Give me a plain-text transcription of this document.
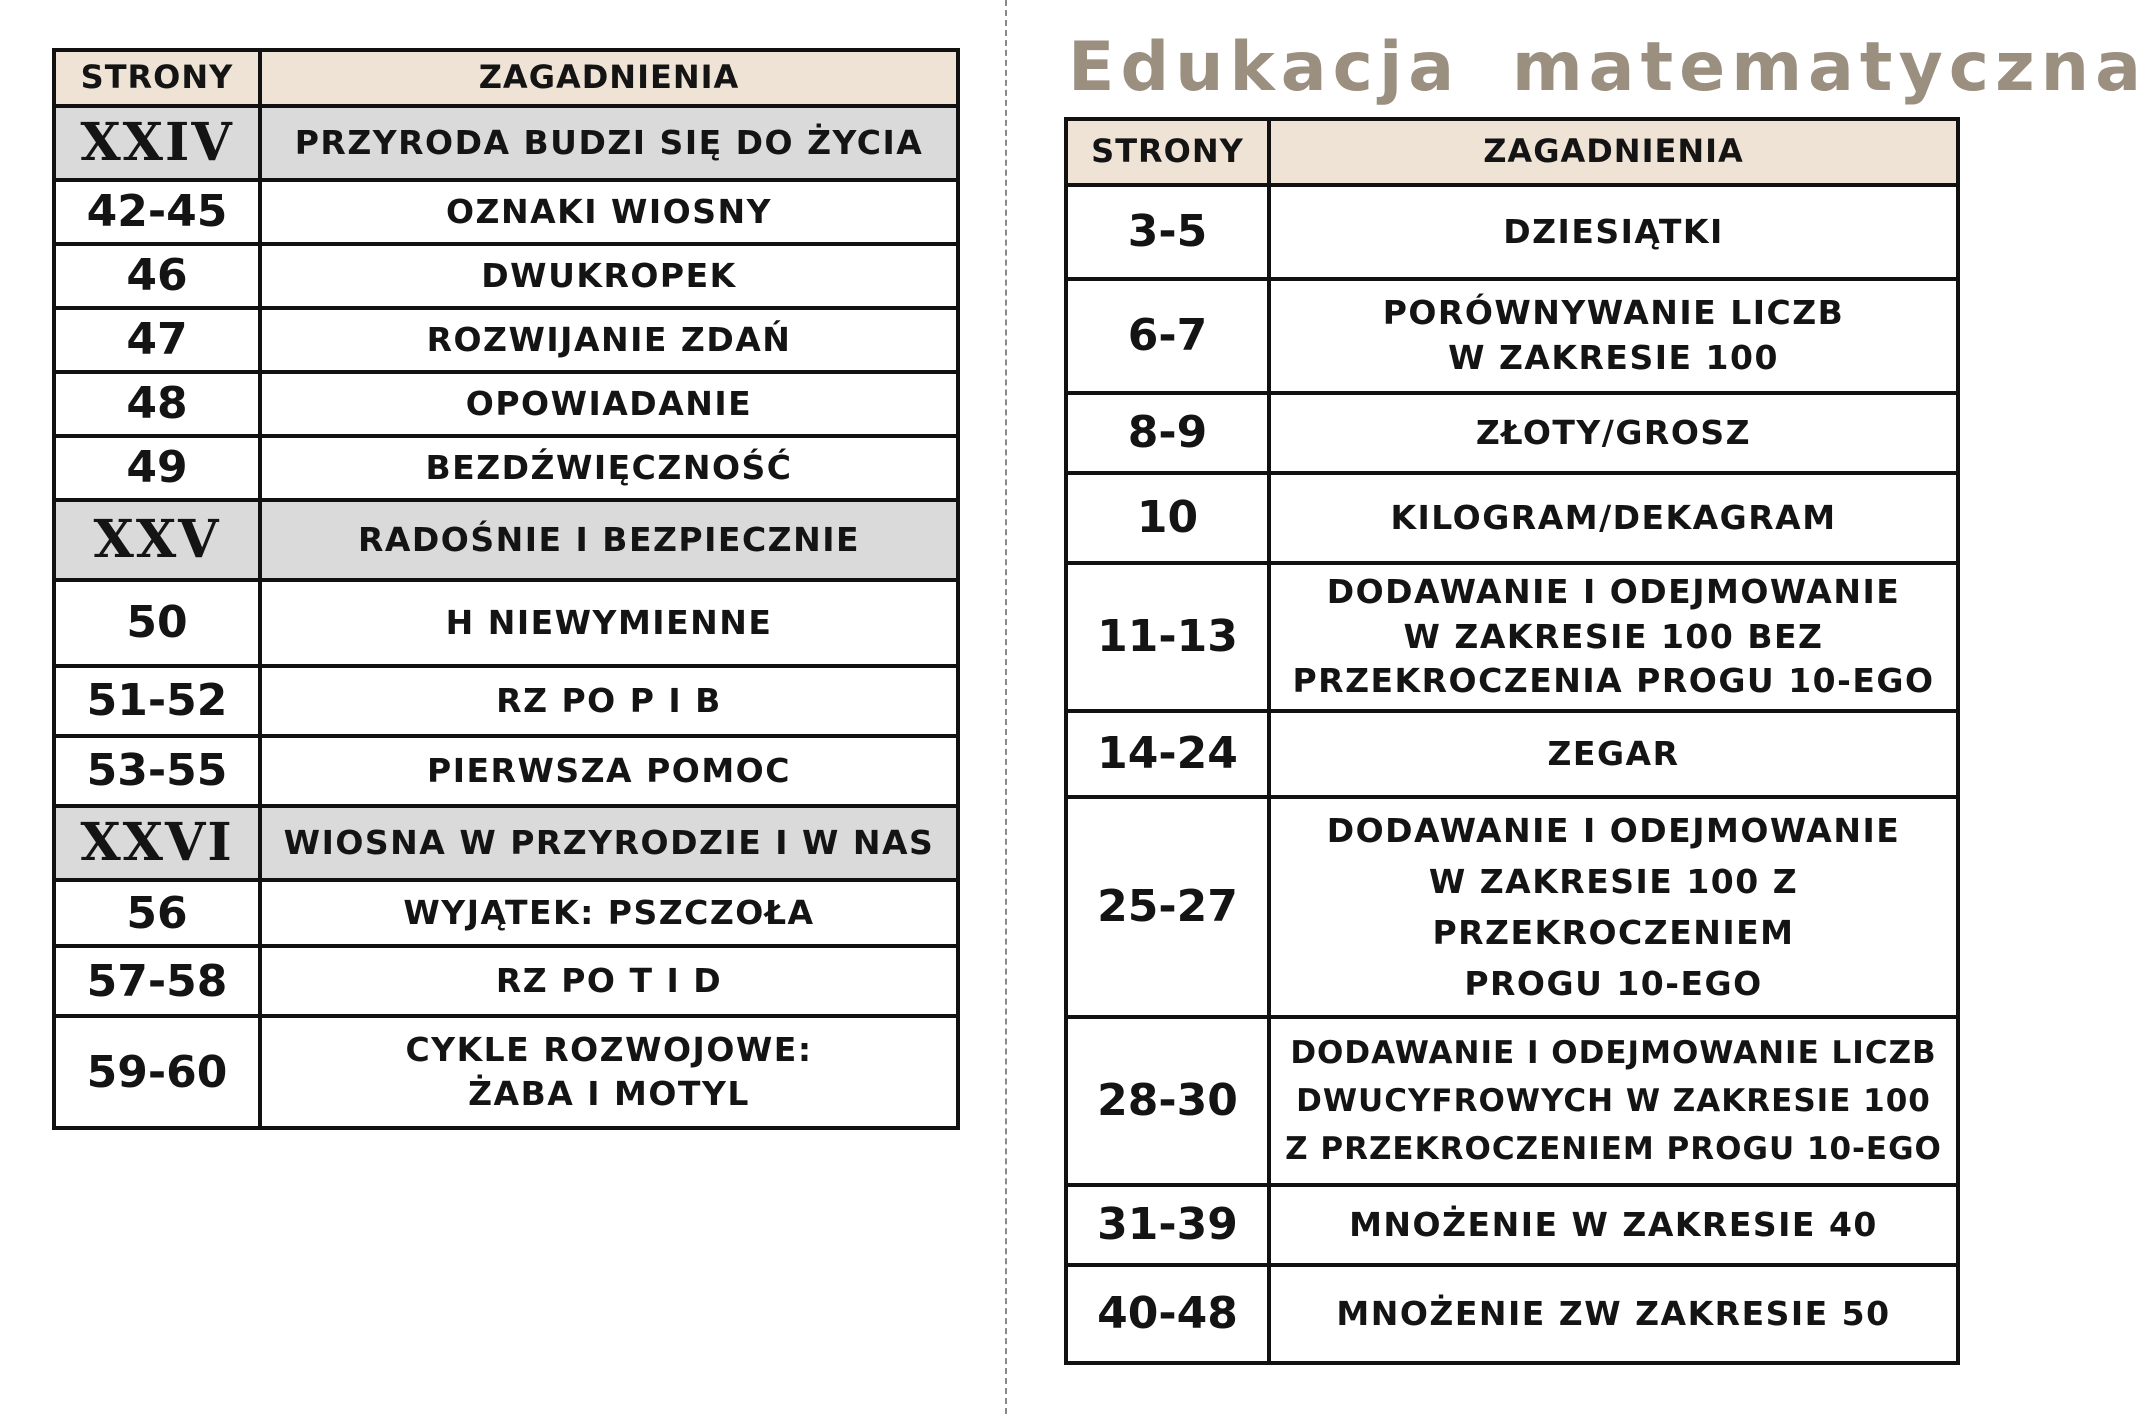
STRONY	ZAGADNIENIA
XXIV	PRZYRODA BUDZI SIĘ DO ŻYCIA
42-45	OZNAKI WIOSNY
46	DWUKROPEK
47	ROZWIJANIE ZDAŃ
48	OPOWIADANIE
49	BEZDŹWIĘCZNOŚĆ
XXV	RADOŚNIE I BEZPIECZNIE
50	H NIEWYMIENNE
51-52	RZ PO P I B
53-55	PIERWSZA POMOC
XXVI	WIOSNA W PRZYRODZIE I W NAS
56	WYJĄTEK: PSZCZOŁA
57-58	RZ PO T I D
59-60	CYKLE ROZWOJOWE:
ŻABA I MOTYL
Edukacja matematyczna
STRONY	ZAGADNIENIA
3-5	DZIESIĄTKI
6-7	PORÓWNYWANIE LICZB
W ZAKRESIE 100
8-9	ZŁOTY/GROSZ
10	KILOGRAM/DEKAGRAM
11-13	DODAWANIE I ODEJMOWANIE
W ZAKRESIE 100 BEZ
PRZEKROCZENIA PROGU 10-EGO
14-24	ZEGAR
25-27	DODAWANIE I ODEJMOWANIE
W ZAKRESIE 100 Z
PRZEKROCZENIEM
PROGU 10-EGO
28-30	DODAWANIE I ODEJMOWANIE LICZB
DWUCYFROWYCH W ZAKRESIE 100
Z PRZEKROCZENIEM PROGU 10-EGO
31-39	MNOŻENIE W ZAKRESIE 40
40-48	MNOŻENIE ZW ZAKRESIE 50
